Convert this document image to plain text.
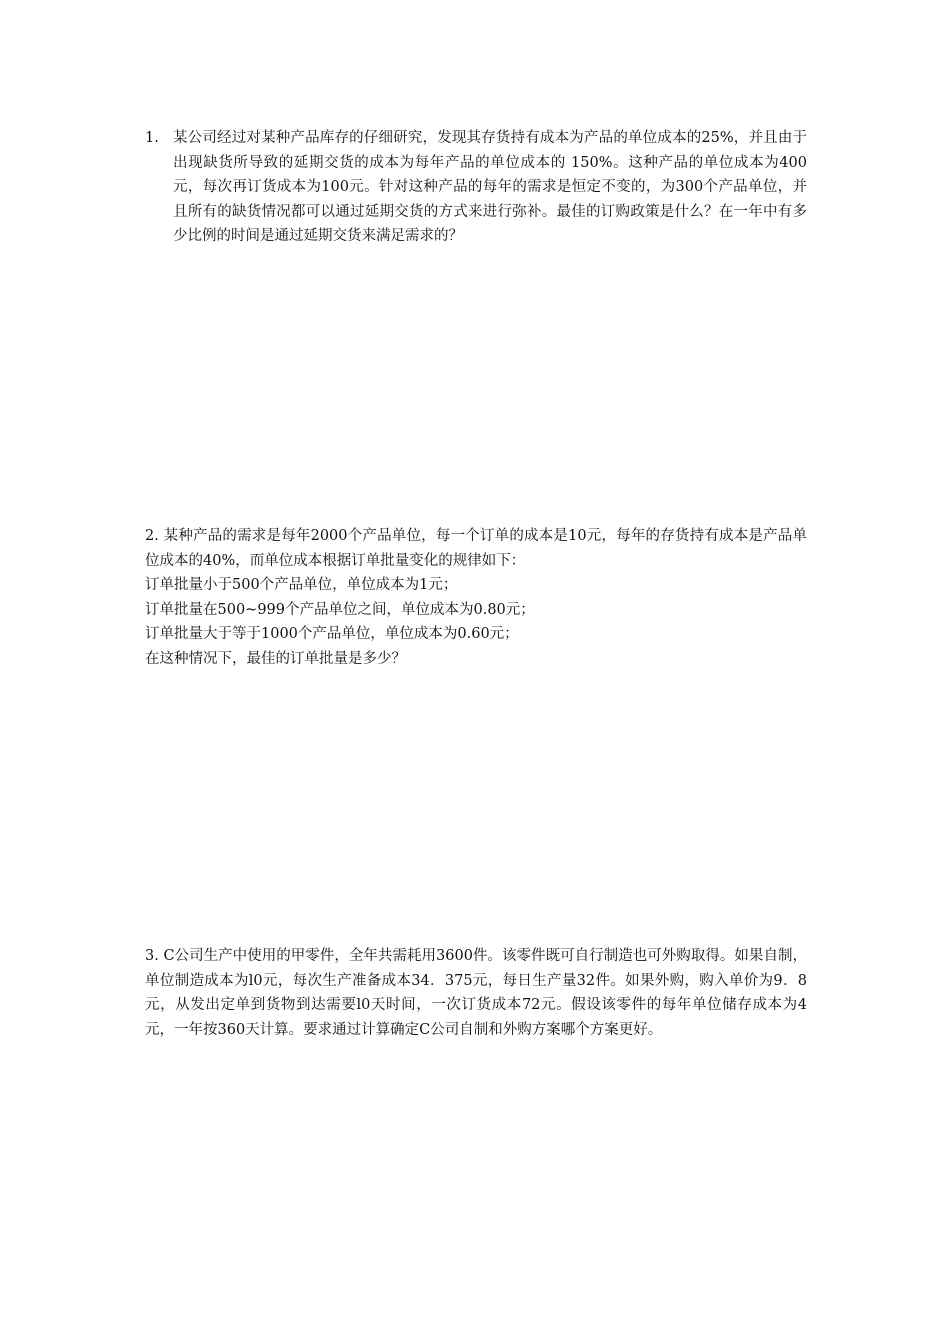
1. 某公司经过对某种产品库存的仔细研究，发现其存货持有成本为产品的单位成本的25%，并且由于出现缺货所导致的延期交货的成本为每年产品的单位成本的 150%。这种产品的单位成本为400元，每次再订货成本为100元。针对这种产品的每年的需求是恒定不变的，为300个产品单位，并且所有的缺货情况都可以通过延期交货的方式来进行弥补。最佳的订购政策是什么？在一年中有多少比例的时间是通过延期交货来满足需求的？
2. 某种产品的需求是每年2000个产品单位，每一个订单的成本是10元，每年的存货持有成本是产品单位成本的40%，而单位成本根据订单批量变化的规律如下：
订单批量小于500个产品单位，单位成本为1元；
订单批量在500~999个产品单位之间，单位成本为0.80元；
订单批量大于等于1000个产品单位，单位成本为0.60元；
在这种情况下，最佳的订单批量是多少？
3. C公司生产中使用的甲零件，全年共需耗用3600件。该零件既可自行制造也可外购取得。如果自制，单位制造成本为l0元，每次生产准备成本34．375元，每日生产量32件。如果外购，购入单价为9．8元，从发出定单到货物到达需要l0天时间，一次订货成本72元。假设该零件的每年单位储存成本为4元，一年按360天计算。要求通过计算确定C公司自制和外购方案哪个方案更好。
